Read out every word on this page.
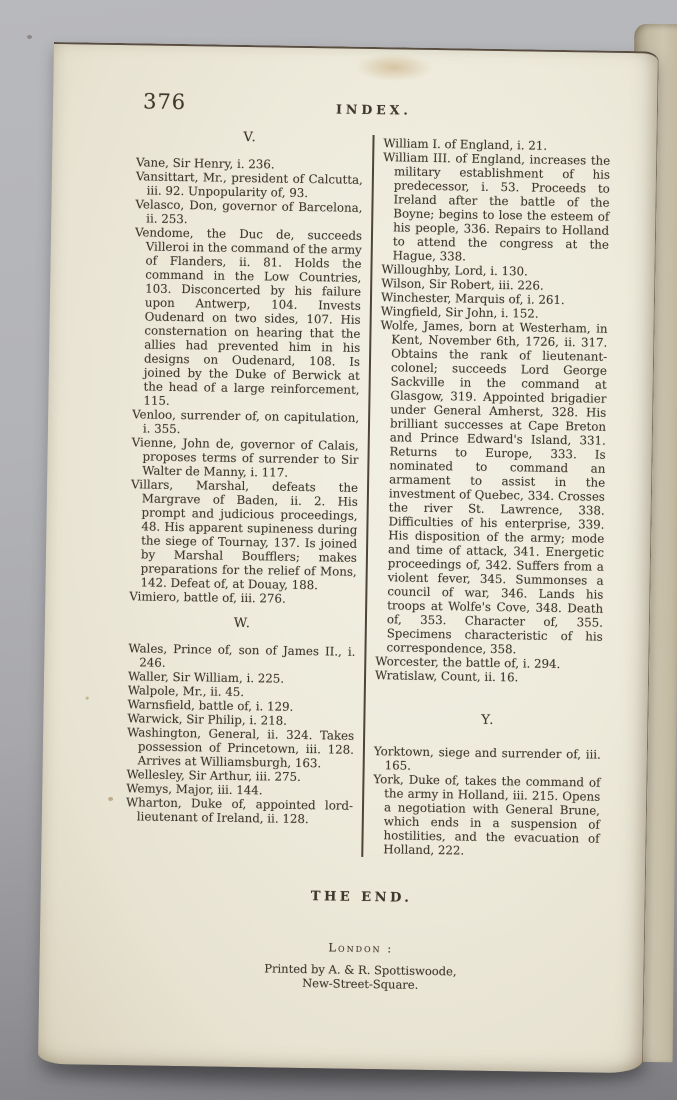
376	INDEX.

V.

Vane, Sir Henry, i. 236.

Vansittart, Mr., president of Calcutta, iii. 92. Unpopularity of, 93.

Velasco, Don, governor of Barcelona, ii. 253.

Vendome, the Duc de, succeeds Villeroi in the command of the army of Flanders, ii. 81. Holds the command in the Low Countries, 103. Disconcerted by his failure upon Antwerp, 104. Invests Oudenard on two sides, 107. His consternation on hearing that the allies had prevented him in his designs on Oudenard, 108. Is joined by the Duke of Berwick at the head of a large reinforcement, 115.

Venloo, surrender of, on capitulation, i. 355.

Vienne, John de, governor of Calais, proposes terms of surrender to Sir Walter de Manny, i. 117.

Villars, Marshal, defeats the Margrave of Baden, ii. 2. His prompt and judicious proceedings, 48. His apparent supineness during the siege of Tournay, 137. Is joined by Marshal Boufflers; makes preparations for the relief of Mons, 142. Defeat of, at Douay, 188.

Vimiero, battle of, iii. 276.

W.

Wales, Prince of, son of James II., i. 246.

Waller, Sir William, i. 225.

Walpole, Mr., ii. 45.

Warnsfield, battle of, i. 129.

Warwick, Sir Philip, i. 218.

Washington, General, ii. 324. Takes possession of Princetown, iii. 128. Arrives at Williamsburgh, 163.

Wellesley, Sir Arthur, iii. 275.

Wemys, Major, iii. 144.

Wharton, Duke of, appointed lord-lieutenant of Ireland, ii. 128.

William I. of England, i. 21.

William III. of England, increases the military establishment of his predecessor, i. 53. Proceeds to Ireland after the battle of the Boyne; begins to lose the esteem of his people, 336. Repairs to Holland to attend the congress at the Hague, 338.

Willoughby, Lord, i. 130.

Wilson, Sir Robert, iii. 226.

Winchester, Marquis of, i. 261.

Wingfield, Sir John, i. 152.

Wolfe, James, born at Westerham, in Kent, November 6th, 1726, ii. 317. Obtains the rank of lieutenant-colonel; succeeds Lord George Sackville in the command at Glasgow, 319. Appointed brigadier under General Amherst, 328. His brilliant successes at Cape Breton and Prince Edward's Island, 331. Returns to Europe, 333. Is nominated to command an armament to assist in the investment of Quebec, 334. Crosses the river St. Lawrence, 338. Difficulties of his enterprise, 339. His disposition of the army; mode and time of attack, 341. Energetic proceedings of, 342. Suffers from a violent fever, 345. Summonses a council of war, 346. Lands his troops at Wolfe's Cove, 348. Death of, 353. Character of, 355. Specimens characteristic of his correspondence, 358.

Worcester, the battle of, i. 294.

Wratislaw, Count, ii. 16.

Y.

Yorktown, siege and surrender of, iii. 165.

York, Duke of, takes the command of the army in Holland, iii. 215. Opens a negotiation with General Brune, which ends in a suspension of hostilities, and the evacuation of Holland, 222.

THE END.

London :

Printed by A. & R. Spottiswoode,

New-Street-Square.
